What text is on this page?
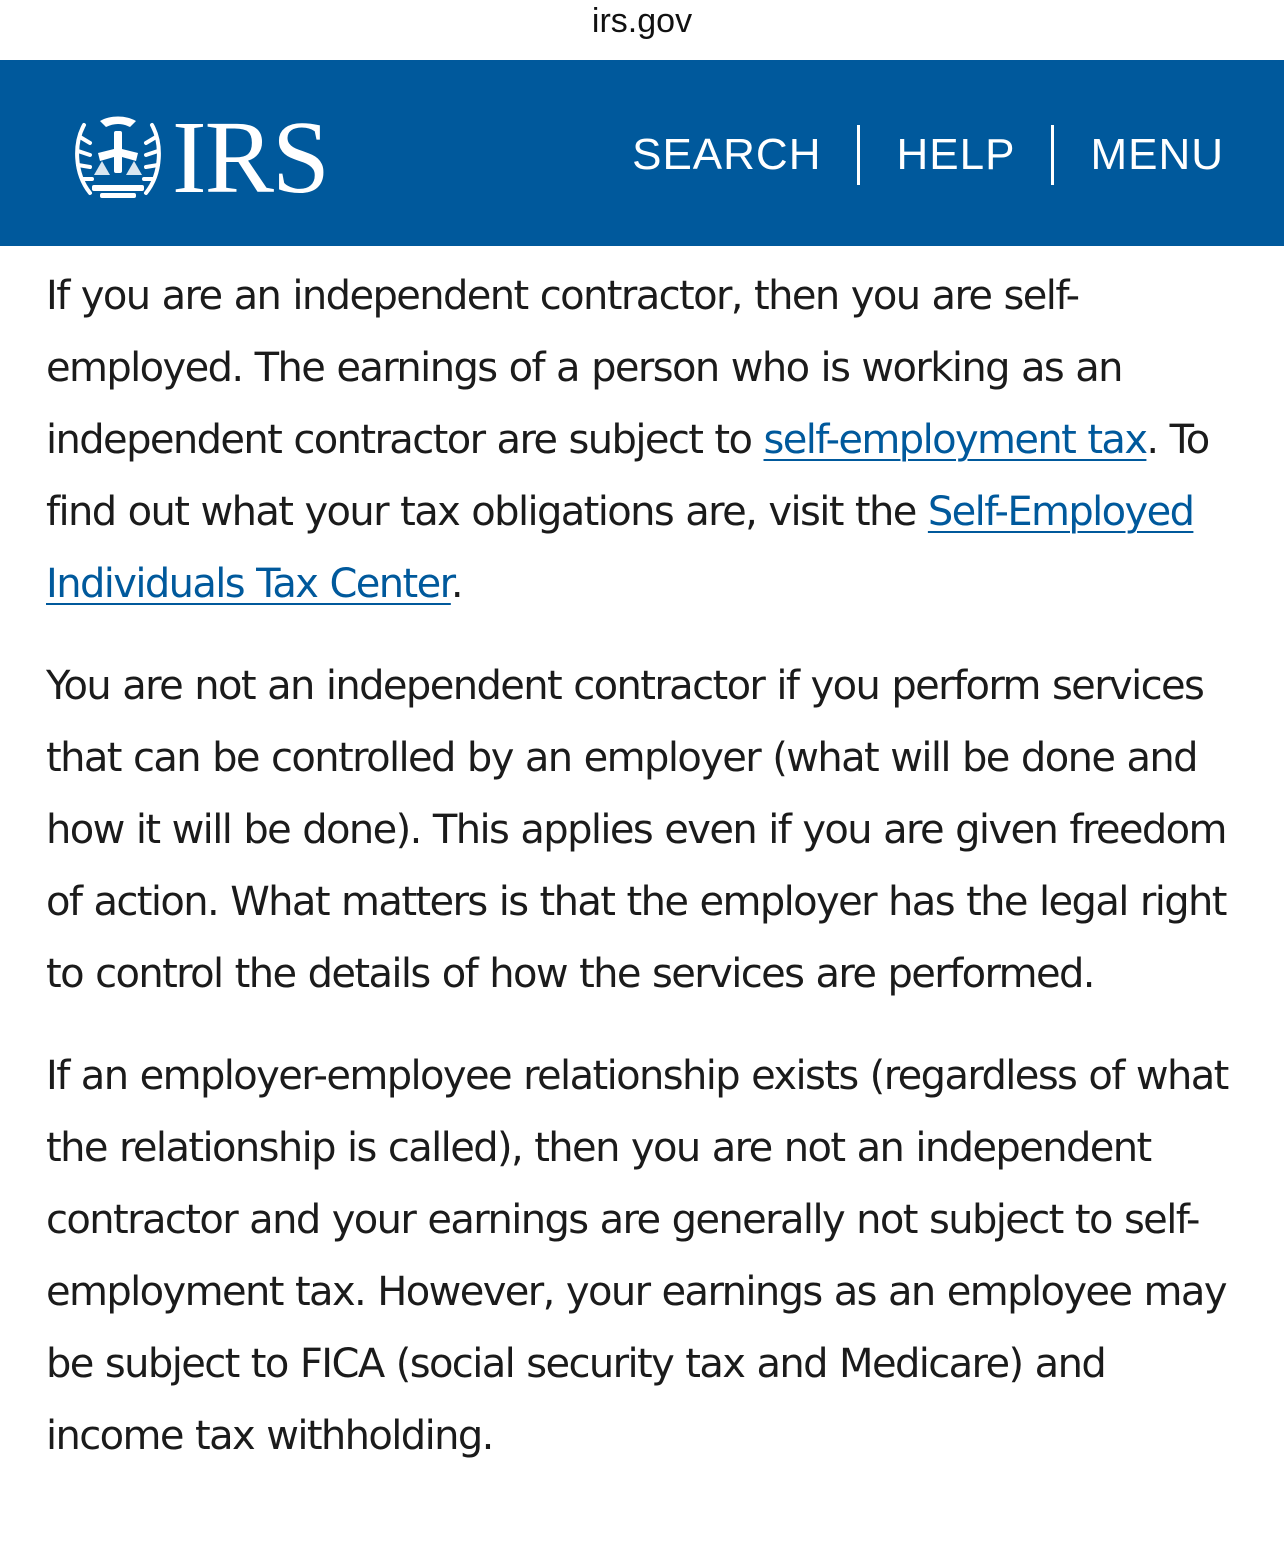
irs.gov
IRS	SEARCH HELP MENU

If you are an independent contractor, then you are self-employed. The earnings of a person who is working as an independent contractor are subject to self-employment tax. To find out what your tax obligations are, visit the Self-Employed Individuals Tax Center.

You are not an independent contractor if you perform services that can be controlled by an employer (what will be done and how it will be done). This applies even if you are given freedom of action. What matters is that the employer has the legal right to control the details of how the services are performed.

If an employer-employee relationship exists (regardless of what the relationship is called), then you are not an independent contractor and your earnings are generally not subject to self-employment tax. However, your earnings as an employee may be subject to FICA (social security tax and Medicare) and income tax withholding.
